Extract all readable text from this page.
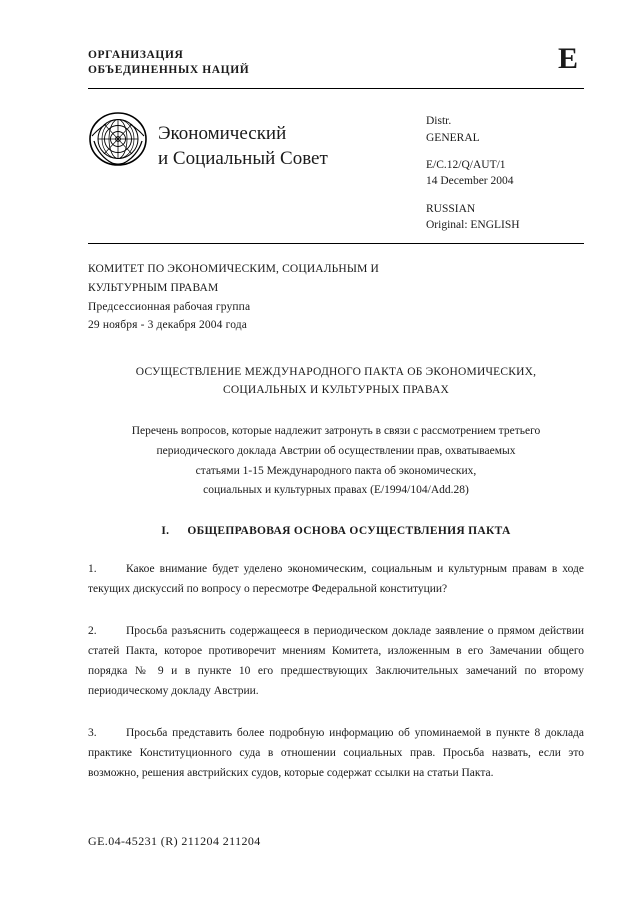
ОРГАНИЗАЦИЯ
ОБЪЕДИНЕННЫХ НАЦИЙ	E
Экономический
и Социальный Совет
Distr.
GENERAL
E/C.12/Q/AUT/1
14 December 2004
RUSSIAN
Original: ENGLISH
КОМИТЕТ ПО ЭКОНОМИЧЕСКИМ, СОЦИАЛЬНЫМ И
КУЛЬТУРНЫМ ПРАВАМ
Предсессионная рабочая группа
29 ноября - 3 декабря 2004 года
ОСУЩЕСТВЛЕНИЕ МЕЖДУНАРОДНОГО ПАКТА ОБ ЭКОНОМИЧЕСКИХ,
СОЦИАЛЬНЫХ И КУЛЬТУРНЫХ ПРАВАХ
Перечень вопросов, которые надлежит затронуть в связи с рассмотрением третьего
периодического доклада Австрии об осуществлении прав, охватываемых
статьями 1-15 Международного пакта об экономических,
социальных и культурных правах (E/1994/104/Add.28)
I. ОБЩЕПРАВОВАЯ ОСНОВА ОСУЩЕСТВЛЕНИЯ ПАКТА
1.	Какое внимание будет уделено экономическим, социальным и культурным правам в ходе текущих дискуссий по вопросу о пересмотре Федеральной конституции?
2.	Просьба разъяснить содержащееся в периодическом докладе заявление о прямом действии статей Пакта, которое противоречит мнениям Комитета, изложенным в его Замечании общего порядка № 9 и в пункте 10 его предшествующих Заключительных замечаний по второму периодическому докладу Австрии.
3.	Просьба представить более подробную информацию об упоминаемой в пункте 8 доклада практике Конституционного суда в отношении социальных прав. Просьба назвать, если это возможно, решения австрийских судов, которые содержат ссылки на статьи Пакта.
GE.04-45231 (R) 211204 211204
